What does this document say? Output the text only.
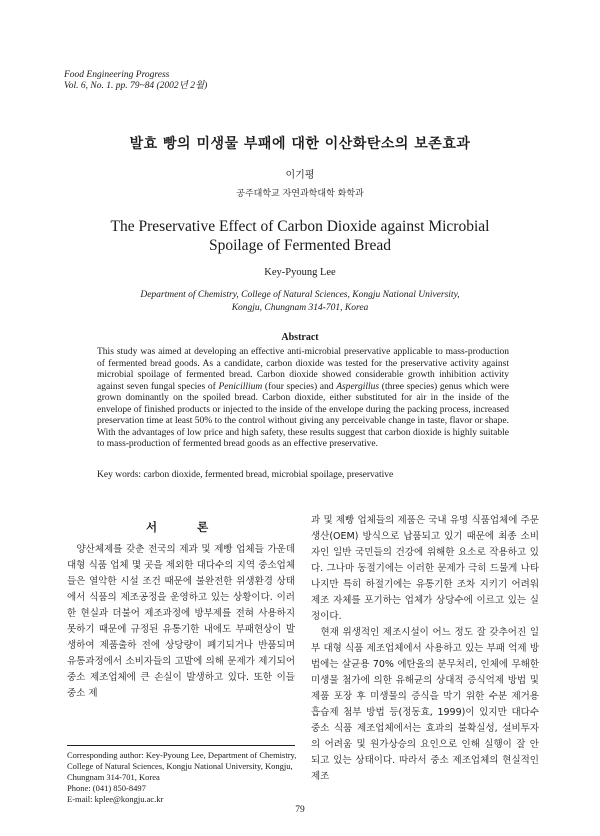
Food Engineering Progress
Vol. 6, No. 1. pp. 79~84 (2002년 2월)
발효 빵의 미생물 부패에 대한 이산화탄소의 보존효과
이기평
공주대학교 자연과학대학 화학과
The Preservative Effect of Carbon Dioxide against Microbial
Spoilage of Fermented Bread
Key-Pyoung Lee
Department of Chemistry, College of Natural Sciences, Kongju National University,
Kongju, Chungnam 314-701, Korea
Abstract
This study was aimed at developing an effective anti-microbial preservative applicable to mass-production of fermented bread goods. As a candidate, carbon dioxide was tested for the preservative activity against microbial spoilage of fermented bread. Carbon dioxide showed considerable growth inhibition activity against seven fungal species of Penicillium (four species) and Aspergillus (three species) genus which were grown dominantly on the spoiled bread. Carbon dioxide, either substituted for air in the inside of the envelope of finished products or injected to the inside of the envelope during the packing process, increased preservation time at least 50% to the control without giving any perceivable change in taste, flavor or shape. With the advantages of low price and high safety, these results suggest that carbon dioxide is highly suitable to mass-production of fermented bread goods as an effective preservative.
Key words: carbon dioxide, fermented bread, microbial spoilage, preservative
서 론

양산체제를 갖춘 전국의 제과 및 제빵 업체들 가운데 대형 식품 업체 몇 곳을 제외한 대다수의 지역 중소업체들은 열악한 시설 조건 때문에 불완전한 위생환경 상태에서 식품의 제조공정을 운영하고 있는 상황이다. 이러한 현실과 더불어 제조과정에 방부제를 전혀 사용하지 못하기 때문에 규정된 유통기한 내에도 부패현상이 발생하여 제품출하 전에 상당량이 폐기되거나 반품되며 유통과정에서 소비자들의 고발에 의해 문제가 제기되어 중소 제조업체에 큰 손실이 발생하고 있다. 또한 이들 중소 제

과 및 제빵 업체들의 제품은 국내 유명 식품업체에 주문생산(OEM) 방식으로 납품되고 있기 때문에 최종 소비자인 일반 국민들의 건강에 위해한 요소로 작용하고 있다. 그나마 동절기에는 이러한 문제가 극히 드물게 나타나지만 특히 하절기에는 유통기한 조차 지키기 어려워 제조 자체를 포기하는 업체가 상당수에 이르고 있는 실정이다.

현재 위생적인 제조시설이 어느 정도 잘 갖추어진 일부 대형 식품 제조업체에서 사용하고 있는 부패 억제 방법에는 살균용 70% 에탄올의 분무처리, 인체에 무해한 미생물 첨가에 의한 유해균의 상대적 증식억제 방법 및 제품 포장 후 미생물의 증식을 막기 위한 수분 제거용 흡습제 첨부 방법 등(정동효, 1999)이 있지만 대다수 중소 식품 제조업체에서는 효과의 불확실성, 설비투자의 어려움 및 원가상승의 요인으로 인해 실행이 잘 안 되고 있는 상태이다. 따라서 중소 제조업체의 현실적인 제조

Corresponding author: Key-Pyoung Lee, Department of Chemistry, College of Natural Sciences, Kongju National University, Kongju, Chungnam 314-701, Korea
Phone: (041) 850-8497
E-mail: kplee@kongju.ac.kr
79
